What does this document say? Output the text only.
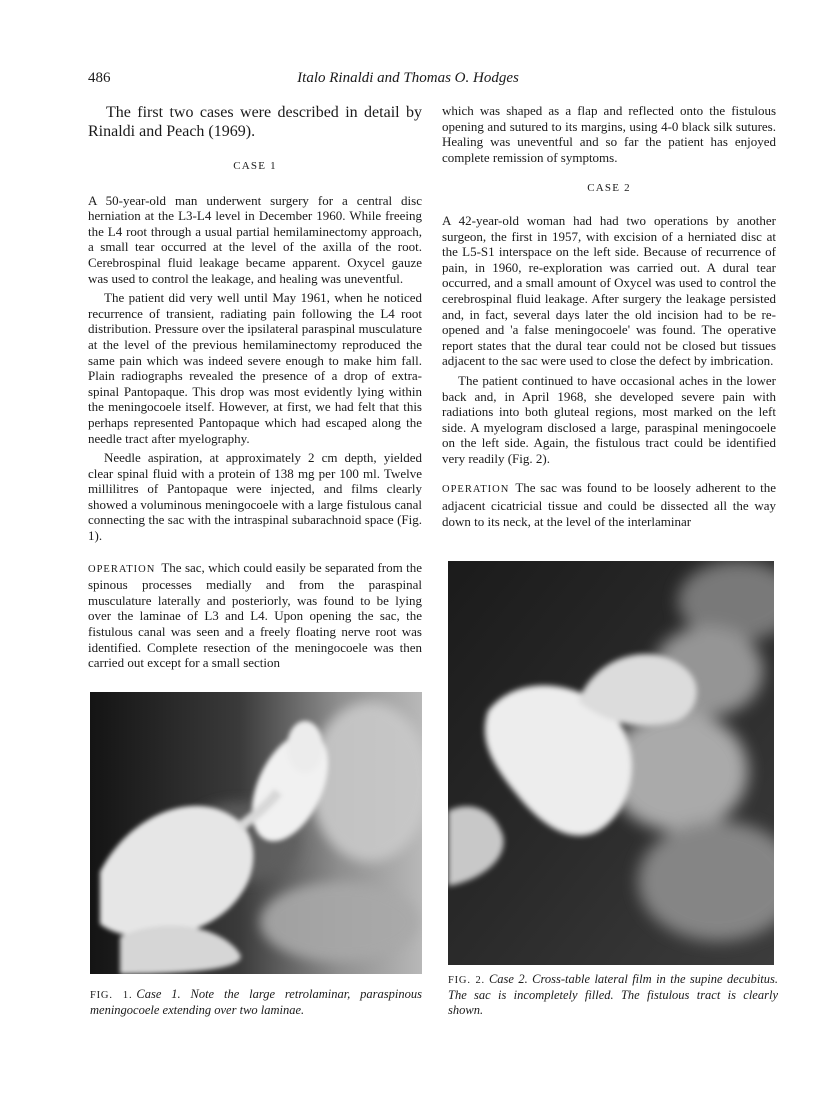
486	Italo Rinaldi and Thomas O. Hodges

The first two cases were described in detail by Rinaldi and Peach (1969).

CASE 1

A 50-year-old man underwent surgery for a central disc herniation at the L3-L4 level in December 1960. While freeing the L4 root through a usual partial hemilaminectomy approach, a small tear occurred at the level of the axilla of the root. Cerebrospinal fluid leakage became apparent. Oxycel gauze was used to control the leakage, and healing was uneventful.

The patient did very well until May 1961, when he noticed recurrence of transient, radiating pain following the L4 root distribution. Pressure over the ipsilateral paraspinal musculature at the level of the previous hemilaminectomy reproduced the same pain which was indeed severe enough to make him fall. Plain radiographs revealed the presence of a drop of extra-spinal Pantopaque. This drop was most evidently lying within the meningocoele itself. However, at first, we had felt that this perhaps represented Pantopaque which had escaped along the needle tract after myelography.

Needle aspiration, at approximately 2 cm depth, yielded clear spinal fluid with a protein of 138 mg per 100 ml. Twelve millilitres of Pantopaque were injected, and films clearly showed a voluminous meningocoele with a large fistulous canal connecting the sac with the intraspinal subarachnoid space (Fig. 1).

OPERATION The sac, which could easily be separated from the spinous processes medially and from the paraspinal musculature laterally and posteriorly, was found to be lying over the laminae of L3 and L4. Upon opening the sac, the fistulous canal was seen and a freely floating nerve root was identified. Complete resection of the meningocoele was then carried out except for a small section

which was shaped as a flap and reflected onto the fistulous opening and sutured to its margins, using 4-0 black silk sutures. Healing was uneventful and so far the patient has enjoyed complete remission of symptoms.

CASE 2

A 42-year-old woman had had two operations by another surgeon, the first in 1957, with excision of a herniated disc at the L5-S1 interspace on the left side. Because of recurrence of pain, in 1960, re-exploration was carried out. A dural tear occurred, and a small amount of Oxycel was used to control the cerebrospinal fluid leakage. After surgery the leakage persisted and, in fact, several days later the old incision had to be re-opened and 'a false meningocoele' was found. The operative report states that the dural tear could not be closed but tissues adjacent to the sac were used to close the defect by imbrication.

The patient continued to have occasional aches in the lower back and, in April 1968, she developed severe pain with radiations into both gluteal regions, most marked on the left side. A myelogram disclosed a large, paraspinal meningocoele on the left side. Again, the fistulous tract could be identified very readily (Fig. 2).

OPERATION The sac was found to be loosely adherent to the adjacent cicatricial tissue and could be dissected all the way down to its neck, at the level of the interlaminar

FIG. 1. Case 1. Note the large retrolaminar, paraspinous meningocoele extending over two laminae.
FIG. 2. Case 2. Cross-table lateral film in the supine decubitus. The sac is incompletely filled. The fistulous tract is clearly shown.
